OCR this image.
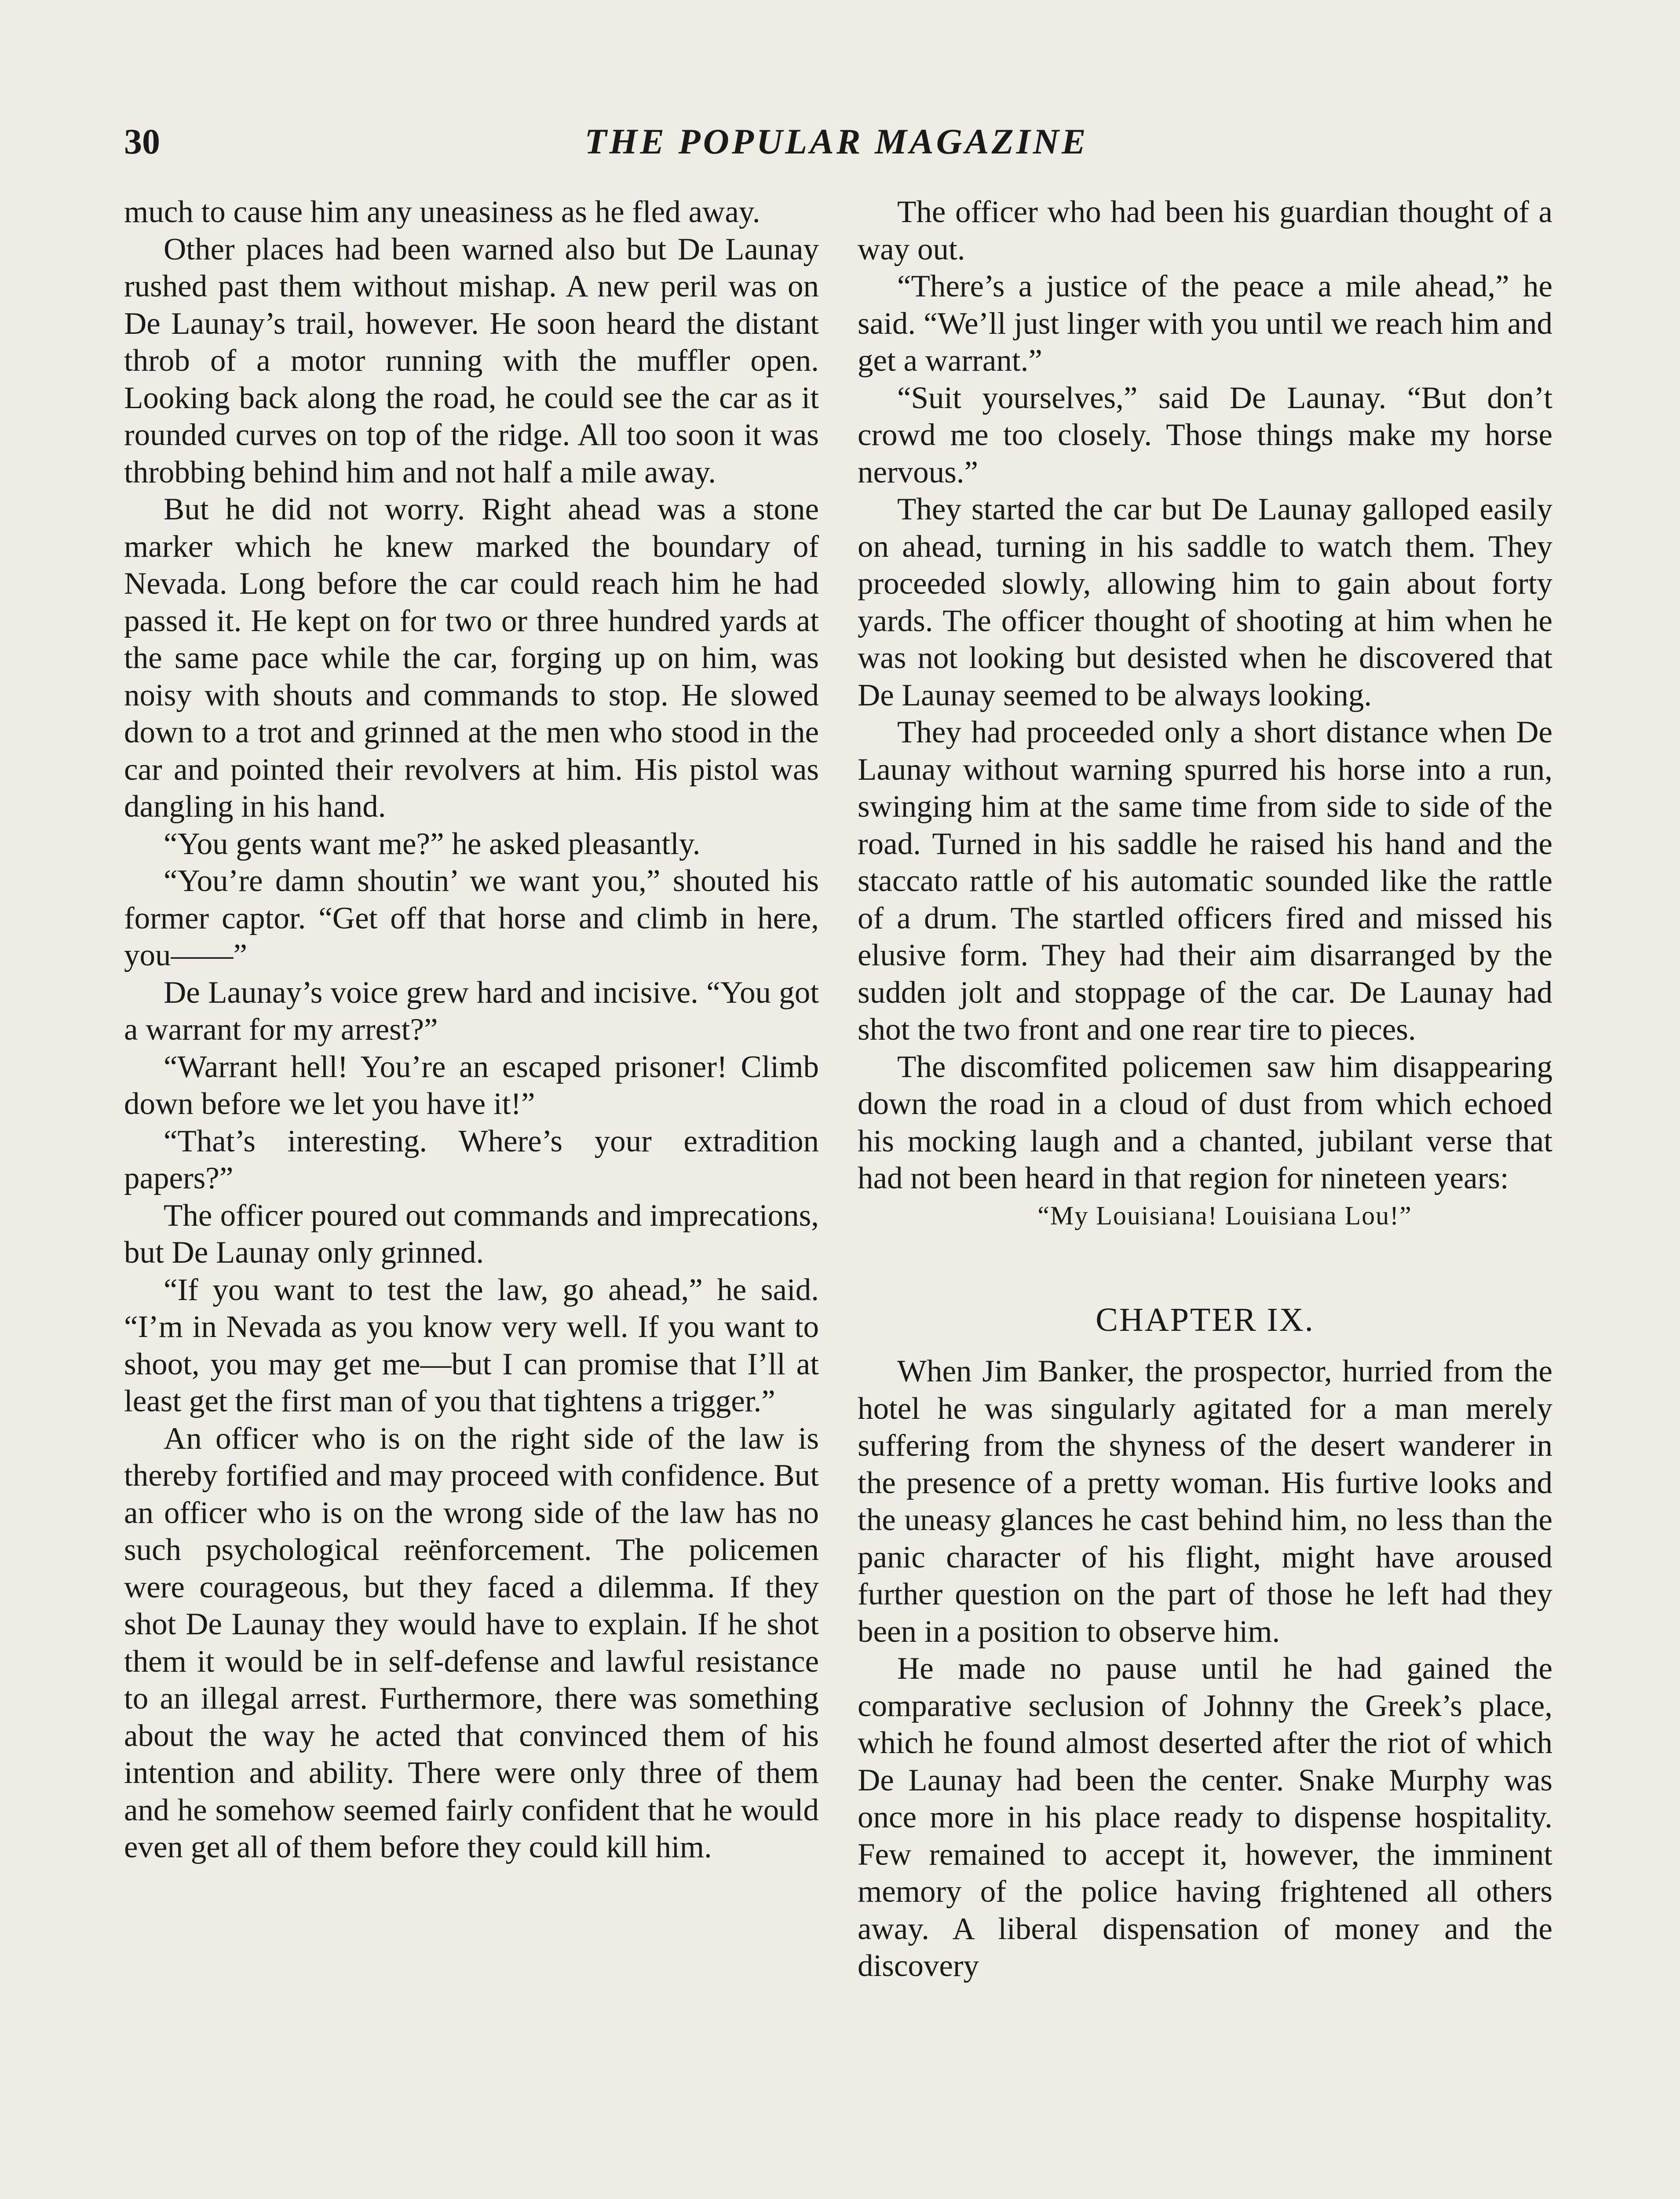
30	THE POPULAR MAGAZINE

much to cause him any uneasiness as he fled away.

Other places had been warned also but De Launay rushed past them without mishap. A new peril was on De Launay’s trail, however. He soon heard the distant throb of a motor running with the muffler open. Looking back along the road, he could see the car as it rounded curves on top of the ridge. All too soon it was throbbing behind him and not half a mile away.

But he did not worry. Right ahead was a stone marker which he knew marked the boundary of Nevada. Long before the car could reach him he had passed it. He kept on for two or three hundred yards at the same pace while the car, forging up on him, was noisy with shouts and commands to stop. He slowed down to a trot and grinned at the men who stood in the car and pointed their revolvers at him. His pistol was dangling in his hand.

“You gents want me?” he asked pleasantly.

“You’re damn shoutin’ we want you,” shouted his former captor. “Get off that horse and climb in here, you——”

De Launay’s voice grew hard and incisive. “You got a warrant for my arrest?”

“Warrant hell! You’re an escaped prisoner! Climb down before we let you have it!”

“That’s interesting. Where’s your extradition papers?”

The officer poured out commands and imprecations, but De Launay only grinned.

“If you want to test the law, go ahead,” he said. “I’m in Nevada as you know very well. If you want to shoot, you may get me—but I can promise that I’ll at least get the first man of you that tightens a trigger.”

An officer who is on the right side of the law is thereby fortified and may proceed with confidence. But an officer who is on the wrong side of the law has no such psychological reënforcement. The policemen were courageous, but they faced a dilemma. If they shot De Launay they would have to explain. If he shot them it would be in self-defense and lawful resistance to an illegal arrest. Furthermore, there was something about the way he acted that convinced them of his intention and ability. There were only three of them and he somehow seemed fairly confident that he would even get all of them before they could kill him.

The officer who had been his guardian thought of a way out.

“There’s a justice of the peace a mile ahead,” he said. “We’ll just linger with you until we reach him and get a warrant.”

“Suit yourselves,” said De Launay. “But don’t crowd me too closely. Those things make my horse nervous.”

They started the car but De Launay galloped easily on ahead, turning in his saddle to watch them. They proceeded slowly, allowing him to gain about forty yards. The officer thought of shooting at him when he was not looking but desisted when he discovered that De Launay seemed to be always looking.

They had proceeded only a short distance when De Launay without warning spurred his horse into a run, swinging him at the same time from side to side of the road. Turned in his saddle he raised his hand and the staccato rattle of his automatic sounded like the rattle of a drum. The startled officers fired and missed his elusive form. They had their aim disarranged by the sudden jolt and stoppage of the car. De Launay had shot the two front and one rear tire to pieces.

The discomfited policemen saw him disappearing down the road in a cloud of dust from which echoed his mocking laugh and a chanted, jubilant verse that had not been heard in that region for nineteen years:

“My Louisiana! Louisiana Lou!”

CHAPTER IX.

When Jim Banker, the prospector, hurried from the hotel he was singularly agitated for a man merely suffering from the shyness of the desert wanderer in the presence of a pretty woman. His furtive looks and the uneasy glances he cast behind him, no less than the panic character of his flight, might have aroused further question on the part of those he left had they been in a position to observe him.

He made no pause until he had gained the comparative seclusion of Johnny the Greek’s place, which he found almost deserted after the riot of which De Launay had been the center. Snake Murphy was once more in his place ready to dispense hospitality. Few remained to accept it, however, the imminent memory of the police having frightened all others away. A liberal dispensation of money and the discovery
